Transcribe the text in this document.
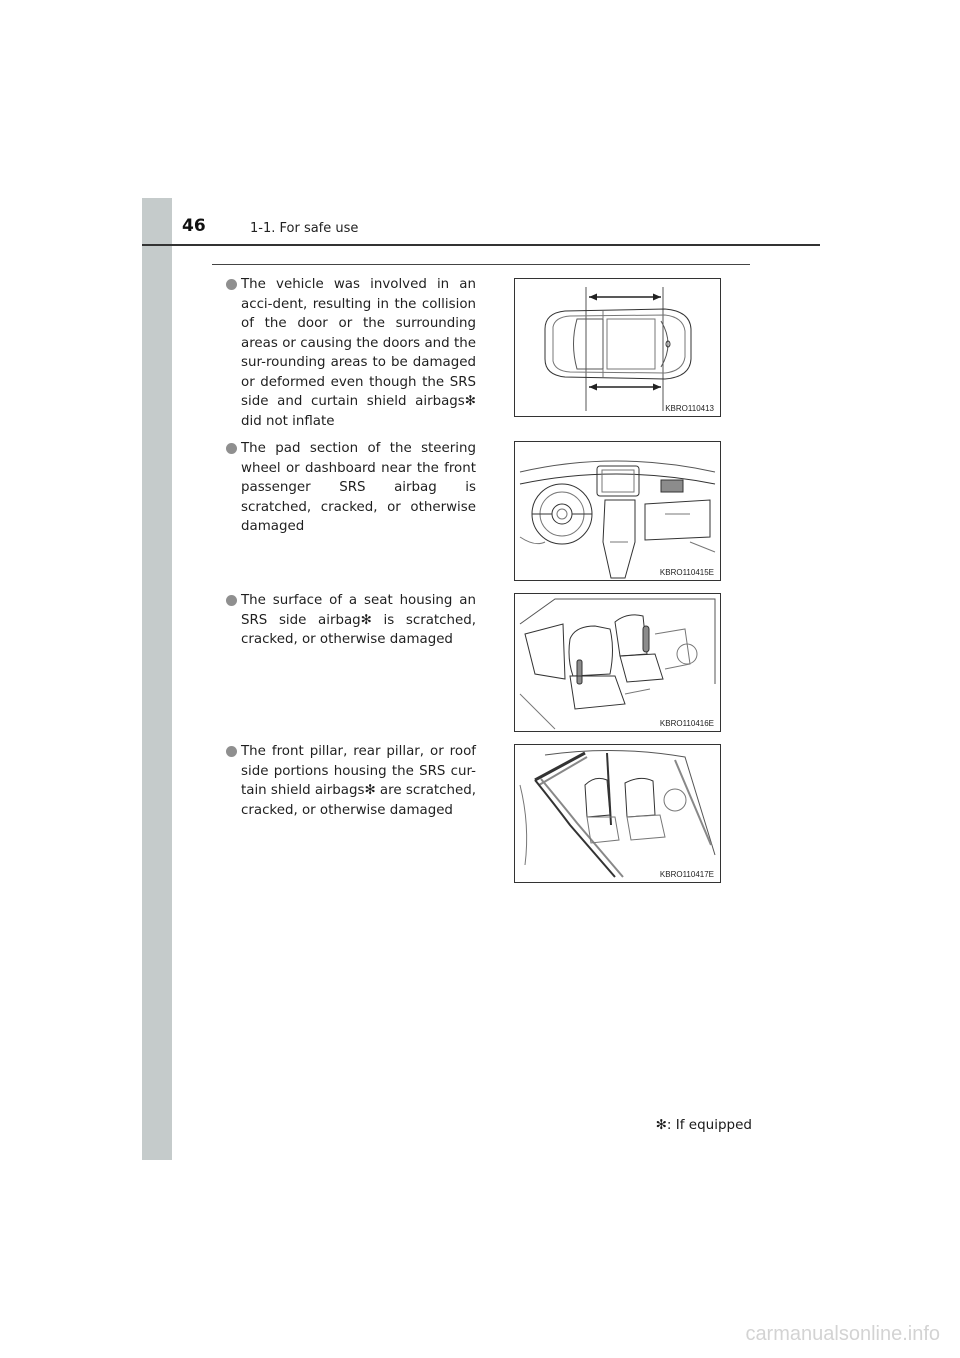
46	1-1. For safe use
The vehicle was involved in an acci-dent, resulting in the collision of the door or the surrounding areas or causing the doors and the sur-rounding areas to be damaged or deformed even though the SRS side and curtain shield airbags✻ did not inflate
The pad section of the steering wheel or dashboard near the front passenger SRS airbag is scratched, cracked, or otherwise damaged
The surface of a seat housing an SRS side airbag✻ is scratched, cracked, or otherwise damaged
The front pillar, rear pillar, or roof side portions housing the SRS cur-tain shield airbags✻ are scratched, cracked, or otherwise damaged
KBRO110413
KBRO110415E
KBRO110416E
KBRO110417E
✻: If equipped
carmanualsonline.info
